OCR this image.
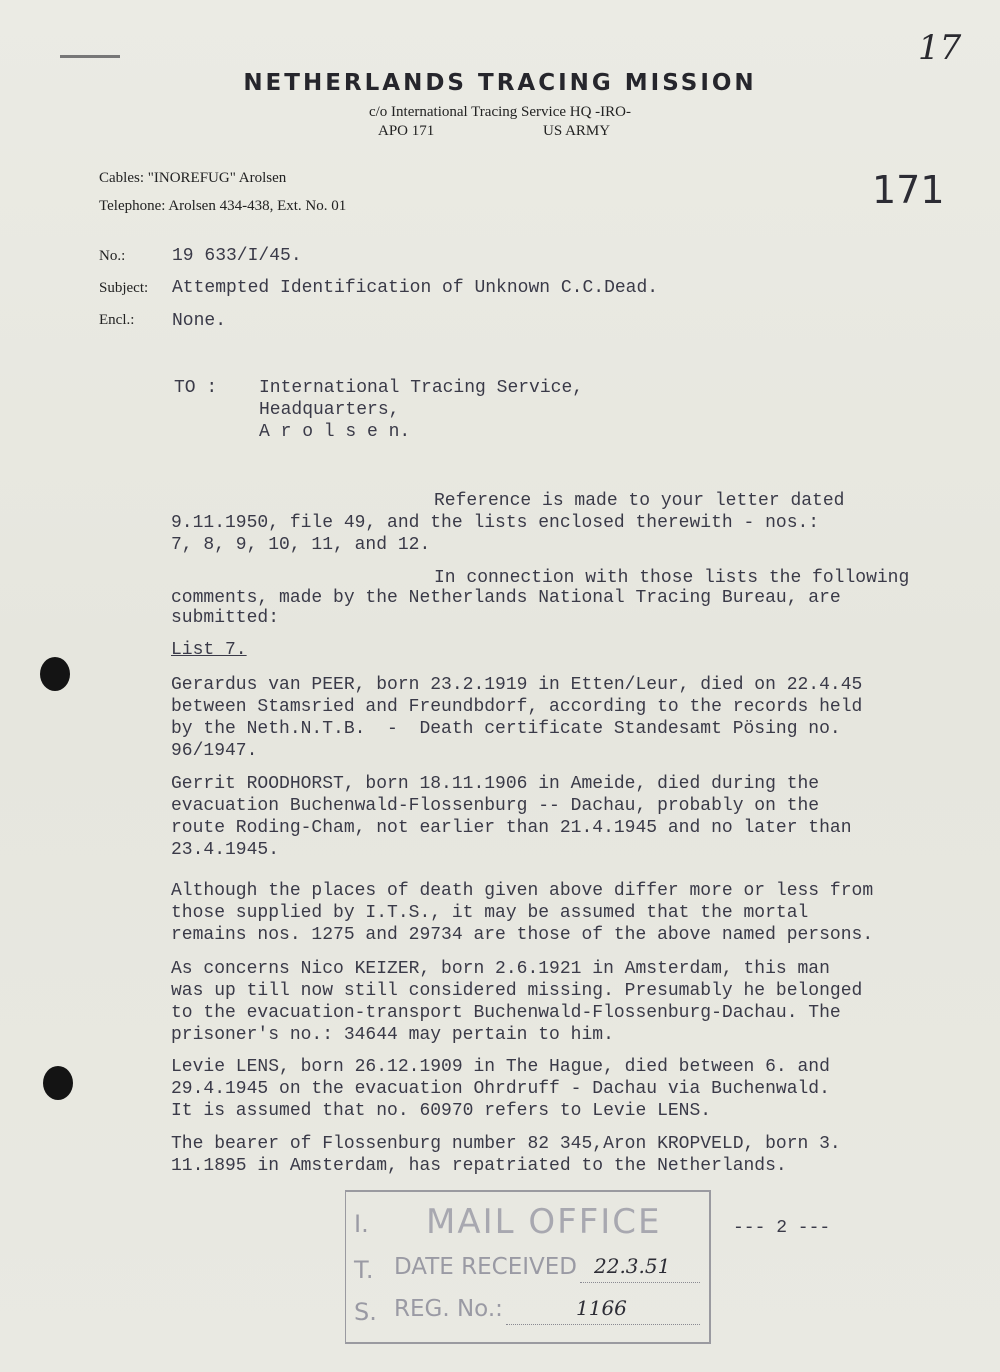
17
NETHERLANDS TRACING MISSION
c/o International Tracing Service HQ -IRO-
APO 171	US ARMY
Cables: "INOREFUG" Arolsen
Telephone: Arolsen 434-438, Ext. No. 01	171
No.:	19 633/I/45.
Subject: Attempted Identification of Unknown C.C.Dead.
Encl.: None.
TO : International Tracing Service,
Headquarters,
A r o l s e n.
Reference is made to your letter dated
9.11.1950, file 49, and the lists enclosed therewith - nos.:
7, 8, 9, 10, 11, and 12.
In connection with those lists the following
comments, made by the Netherlands National Tracing Bureau, are
submitted:
List 7.
Gerardus van PEER, born 23.2.1919 in Etten/Leur, died on 22.4.45
between Stamsried and Freundbdorf, according to the records held
by the Neth.N.T.B.  -  Death certificate Standesamt Pösing no.
96/1947.
Gerrit ROODHORST, born 18.11.1906 in Ameide, died during the
evacuation Buchenwald-Flossenburg -- Dachau, probably on the
route Roding-Cham, not earlier than 21.4.1945 and no later than
23.4.1945.
Although the places of death given above differ more or less from
those supplied by I.T.S., it may be assumed that the mortal
remains nos. 1275 and 29734 are those of the above named persons.
As concerns Nico KEIZER, born 2.6.1921 in Amsterdam, this man
was up till now still considered missing. Presumably he belonged
to the evacuation-transport Buchenwald-Flossenburg-Dachau. The
prisoner's no.: 34644 may pertain to him.
Levie LENS, born 26.12.1909 in The Hague, died between 6. and
29.4.1945 on the evacuation Ohrdruff - Dachau via Buchenwald.
It is assumed that no. 60970 refers to Levie LENS.
The bearer of Flossenburg number 82 345,Aron KROPVELD, born 3.
11.1895 in Amsterdam, has repatriated to the Netherlands.
I. MAIL OFFICE
T. DATE RECEIVED 22.3.51
S. REG. No.:	1166
--- 2 ---
